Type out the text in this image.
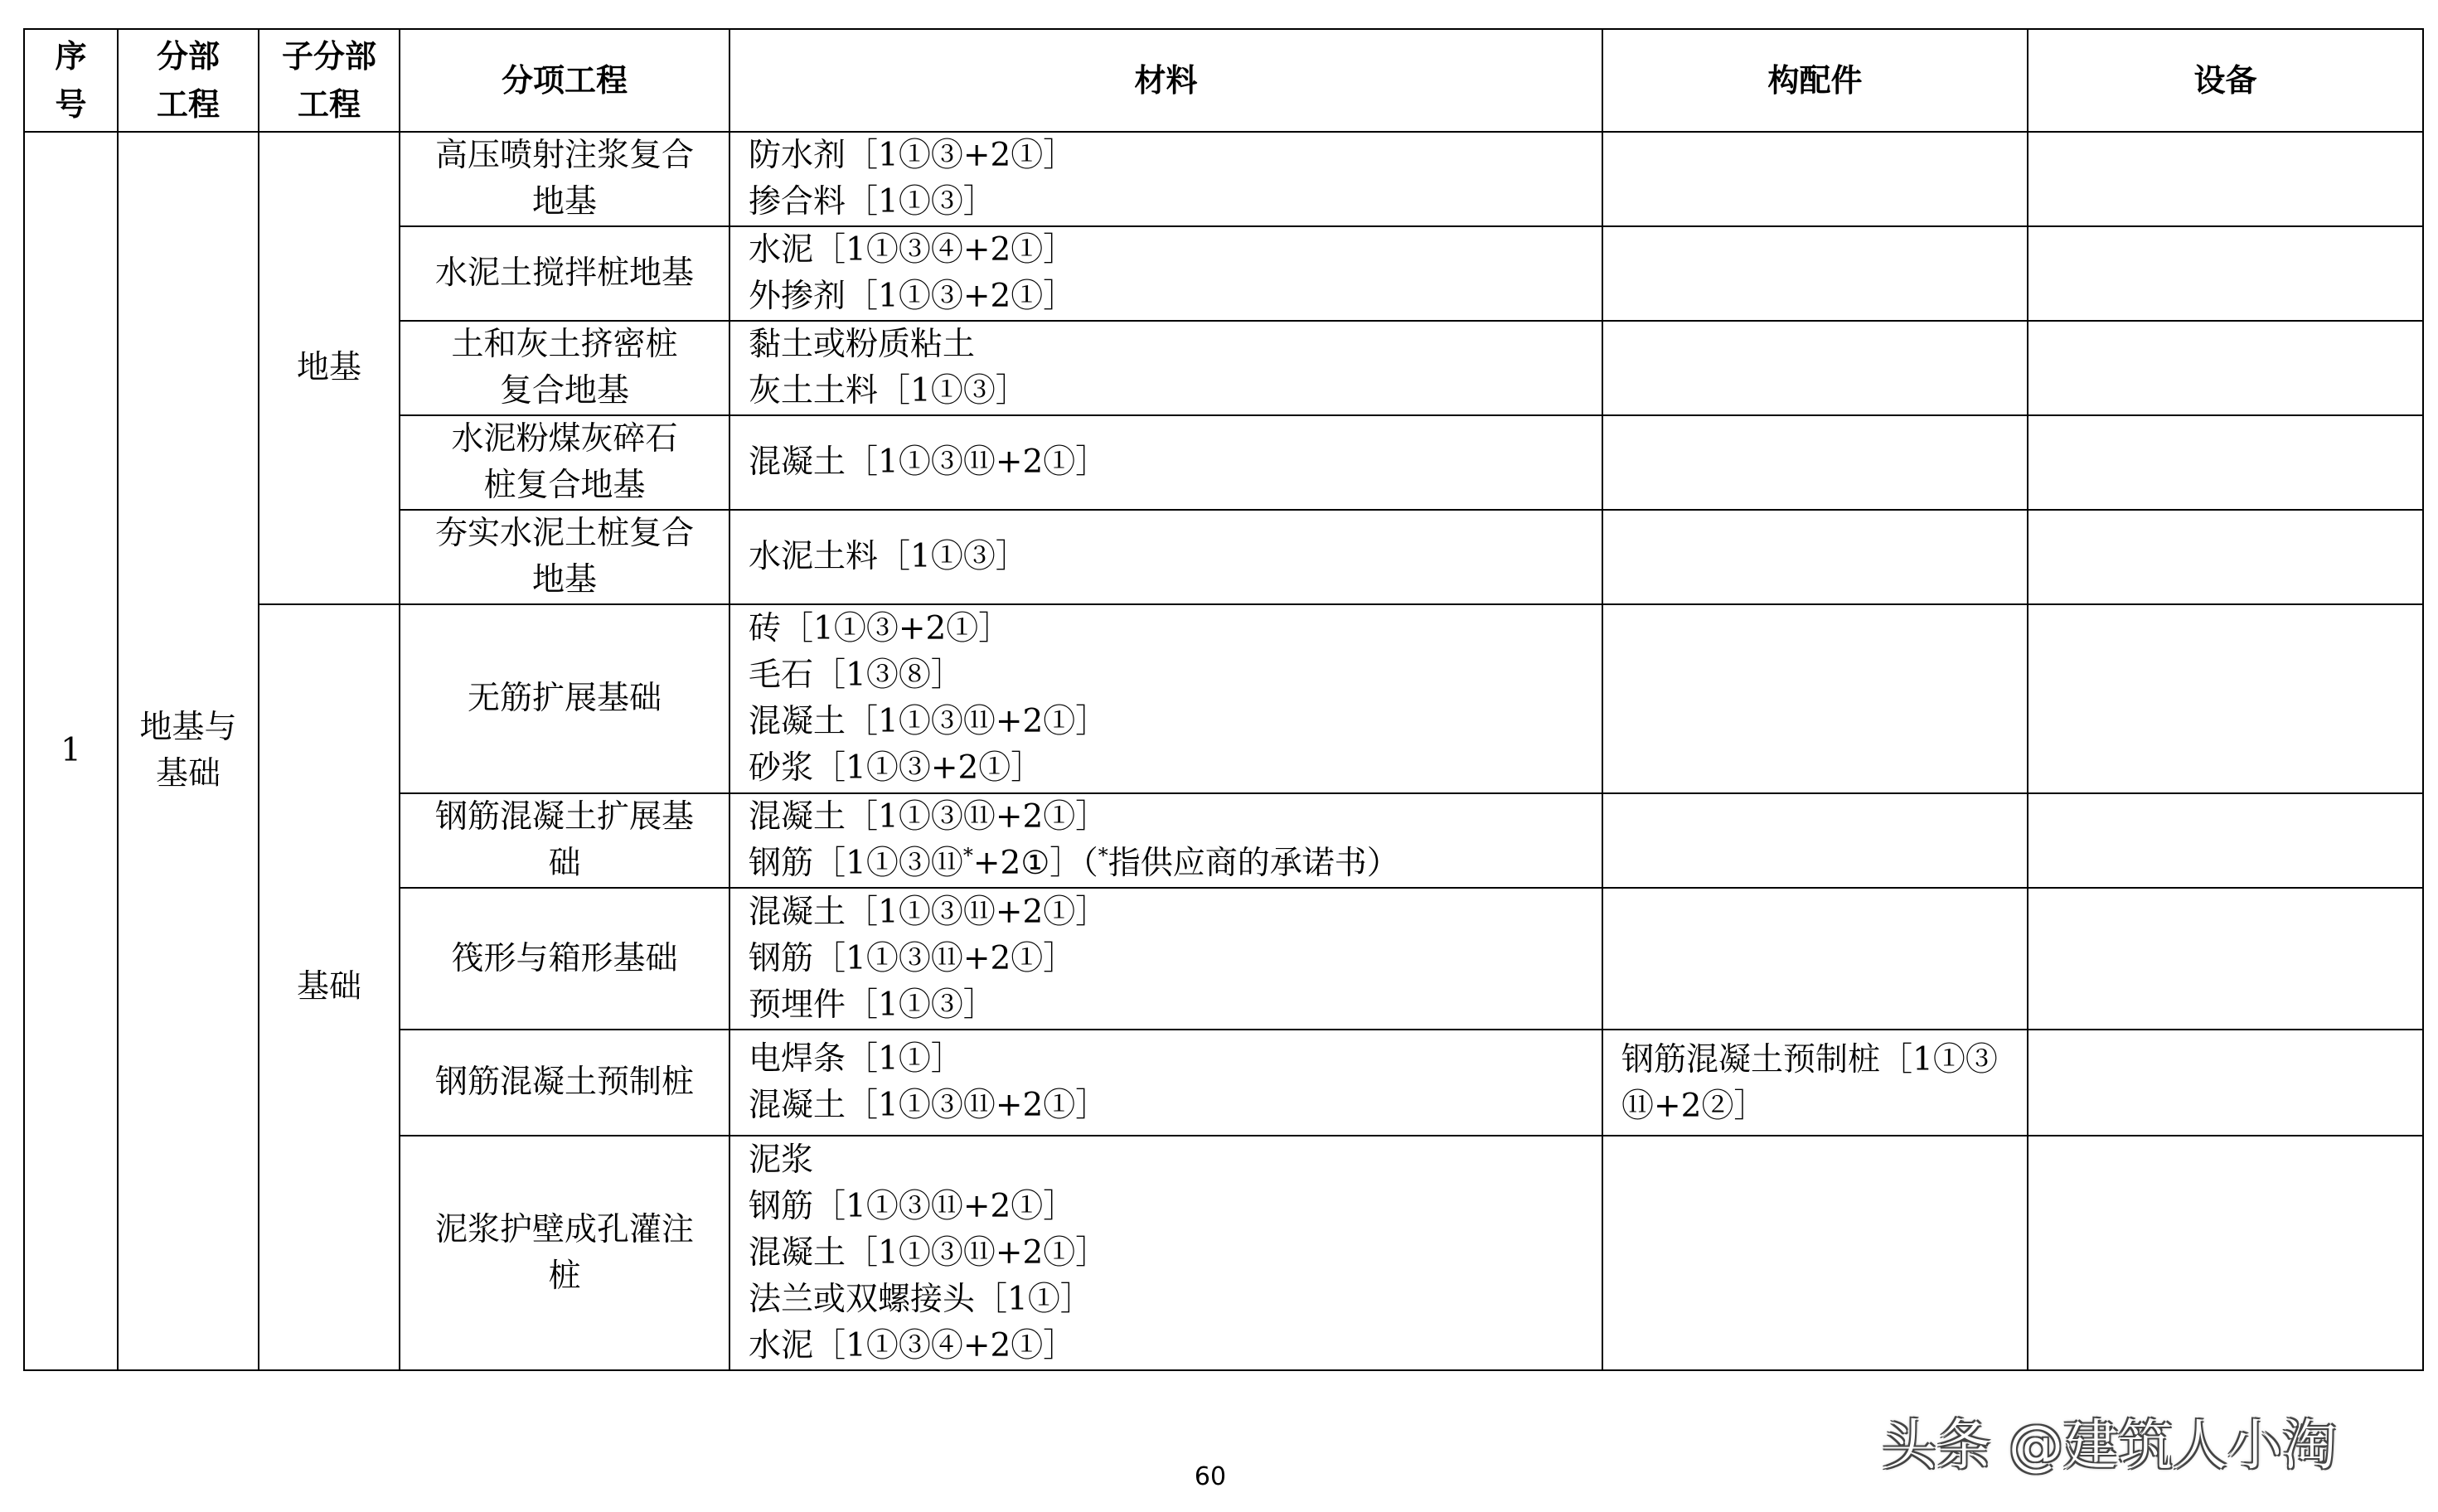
序号	分部工程	子分部工程	分项工程	材料	构配件	设备
1	地基与基础	地基	高压喷射注浆复合地基	防水剂［1①③+2①］
掺合料［1①③］		

			水泥土搅拌桩地基	水泥［1①③④+2①］
外掺剂［1①③+2①］		

			土和灰土挤密桩复合地基	黏土或粉质粘土
灰土土料［1①③］		

			水泥粉煤灰碎石桩复合地基	混凝土［1①③⑪+2①］		

			夯实水泥土桩复合地基	水泥土料［1①③］		

		基础	无筋扩展基础	砖［1①③+2①］
毛石［1③⑧］
混凝土［1①③⑪+2①］
砂浆［1①③+2①］		

			钢筋混凝土扩展基础	混凝土［1①③⑪+2①］
钢筋［1①③⑪*+2①］（*指供应商的承诺书）		

			筏形与箱形基础	混凝土［1①③⑪+2①］
钢筋［1①③⑪+2①］
预埋件［1①③］		

			钢筋混凝土预制桩	电焊条［1①］
混凝土［1①③⑪+2①］	钢筋混凝土预制桩［1①③
⑪+2②］	

			泥浆护壁成孔灌注桩	泥浆
钢筋［1①③⑪+2①］
混凝土［1①③⑪+2①］
法兰或双螺接头［1①］
水泥［1①③④+2①］		

头条 @建筑人小淘
60
